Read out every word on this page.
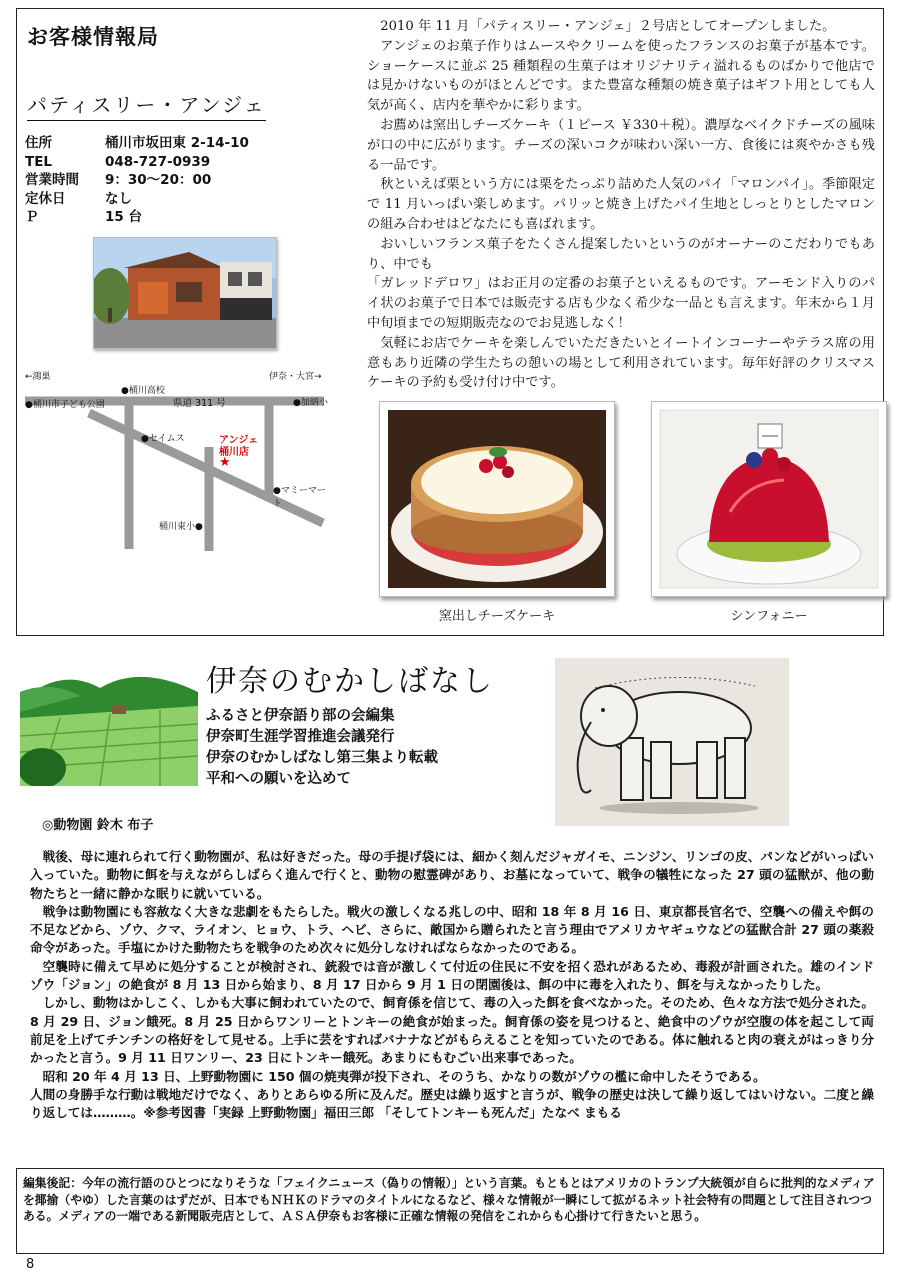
お客様情報局
パティスリー・アンジェ
住所	桶川市坂田東 2-14-10
TEL	048-727-0939
営業時間	9：30～20：00
定休日	なし
Ｐ	15 台
←鴻巣	伊奈・大宮→
●桶川高校
●桶川市子ども公園	県道 311 号	●加納小
●セイムス	アンジェ
桶川店
★
●マミーマート
桶川東小●

2010 年 11 月「パティスリー・アンジェ」２号店としてオープンしました。

アンジェのお菓子作りはムースやクリームを使ったフランスのお菓子が基本です。ショーケースに並ぶ 25 種類程の生菓子はオリジナリティ溢れるものばかりで他店では見かけないものがほとんどです。また豊富な種類の焼き菓子はギフト用としても人気が高く、店内を華やかに彩ります。

お薦めは窯出しチーズケーキ（１ピース ￥330＋税）。濃厚なベイクドチーズの風味が口の中に広がります。チーズの深いコクが味わい深い一方、食後には爽やかさも残る一品です。

秋といえば栗という方には栗をたっぷり詰めた人気のパイ「マロンパイ」。季節限定で 11 月いっぱい楽しめます。パリッと焼き上げたパイ生地としっとりとしたマロンの組み合わせはどなたにも喜ばれます。

おいしいフランス菓子をたくさん提案したいというのがオーナーのこだわりでもあり、中でも

「ガレッドデロワ」はお正月の定番のお菓子といえるものです。アーモンド入りのパイ状のお菓子で日本では販売する店も少なく希少な一品とも言えます。年末から１月中旬頃までの短期販売なのでお見逃しなく！

気軽にお店でケーキを楽しんでいただきたいとイートインコーナーやテラス席の用意もあり近隣の学生たちの憩いの場として利用されています。毎年好評のクリスマスケーキの予約も受け付け中です。

窯出しチーズケーキ	シンフォニー
伊奈のむかしばなし
ふるさと伊奈語り部の会編集
伊奈町生涯学習推進会議発行
伊奈のむかしばなし第三集より転載
平和への願いを込めて
◎動物園 鈴木 布子

戦後、母に連れられて行く動物園が、私は好きだった。母の手提げ袋には、細かく刻んだジャガイモ、ニンジン、リンゴの皮、パンなどがいっぱい入っていた。動物に餌を与えながらしばらく進んで行くと、動物の慰霊碑があり、お墓になっていて、戦争の犠牲になった 27 頭の猛獣が、他の動物たちと一緒に静かな眠りに就いている。

戦争は動物園にも容赦なく大きな悲劇をもたらした。戦火の激しくなる兆しの中、昭和 18 年 8 月 16 日、東京都長官名で、空襲への備えや餌の不足などから、ゾウ、クマ、ライオン、ヒョウ、トラ、ヘビ、さらに、敵国から贈られたと言う理由でアメリカヤギュウなどの猛獣合計 27 頭の薬殺命令があった。手塩にかけた動物たちを戦争のため次々に処分しなければならなかったのである。

空襲時に備えて早めに処分することが検討され、銃殺では音が激しくて付近の住民に不安を招く恐れがあるため、毒殺が計画された。雄のインドゾウ「ジョン」の絶食が 8 月 13 日から始まり、8 月 17 日から 9 月 1 日の閉園後は、餌の中に毒を入れたり、餌を与えなかったりした。

しかし、動物はかしこく、しかも大事に飼われていたので、飼育係を信じて、毒の入った餌を食べなかった。そのため、色々な方法で処分された。8 月 29 日、ジョン餓死。8 月 25 日からワンリーとトンキーの絶食が始まった。飼育係の姿を見つけると、絶食中のゾウが空腹の体を起こして両前足を上げてチンチンの格好をして見せる。上手に芸をすればバナナなどがもらえることを知っていたのである。体に触れると肉の衰えがはっきり分かったと言う。9 月 11 日ワンリー、23 日にトンキー餓死。あまりにもむごい出来事であった。

昭和 20 年 4 月 13 日、上野動物園に 150 個の焼夷弾が投下され、そのうち、かなりの数がゾウの檻に命中したそうである。

人間の身勝手な行動は戦地だけでなく、ありとあらゆる所に及んだ。歴史は繰り返すと言うが、戦争の歴史は決して繰り返してはいけない。二度と繰り返しては………。※参考図書「実録 上野動物園」福田三郎 「そしてトンキーも死んだ」たなべ まもる

編集後記：今年の流行語のひとつになりそうな「フェイクニュース（偽りの情報）」という言葉。もともとはアメリカのトランプ大統領が自らに批判的なメディアを揶揄（やゆ）した言葉のはずだが、日本でもＮＨＫのドラマのタイトルになるなど、様々な情報が一瞬にして拡がるネット社会特有の問題として注目されつつある。メディアの一端である新聞販売店として、ＡＳＡ伊奈もお客様に正確な情報の発信をこれからも心掛けて行きたいと思う。
8
